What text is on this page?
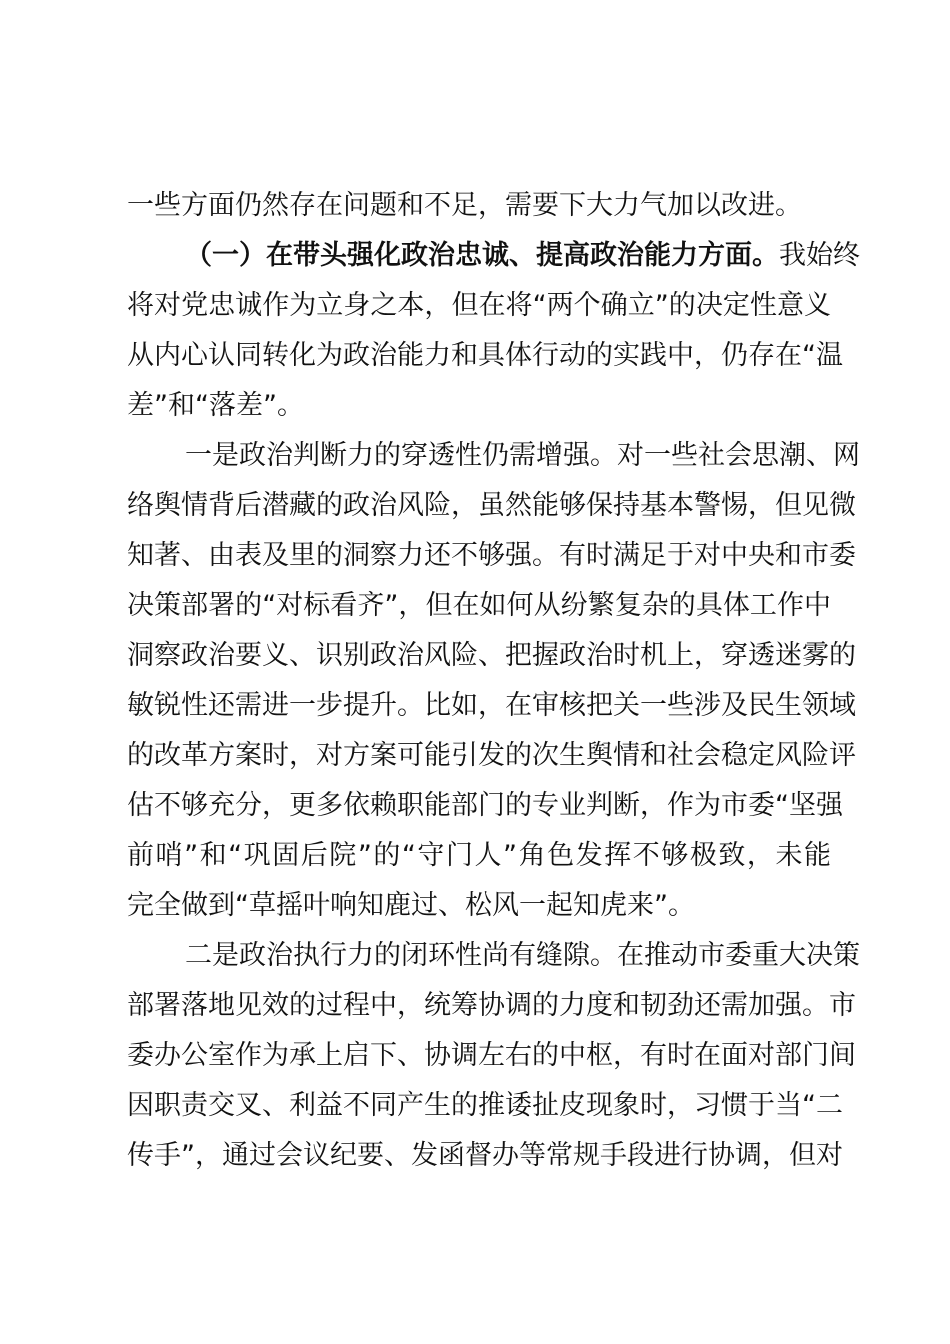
一些方面仍然存在问题和不足，需要下大力气加以改进。
（一）在带头强化政治忠诚、提高政治能力方面。我始终
将对党忠诚作为立身之本，但在将“两个确立”的决定性意义
从内心认同转化为政治能力和具体行动的实践中，仍存在“温
差”和“落差”。
一是政治判断力的穿透性仍需增强。对一些社会思潮、网
络舆情背后潜藏的政治风险，虽然能够保持基本警惕，但见微
知著、由表及里的洞察力还不够强。有时满足于对中央和市委
决策部署的“对标看齐”，但在如何从纷繁复杂的具体工作中
洞察政治要义、识别政治风险、把握政治时机上，穿透迷雾的
敏锐性还需进一步提升。比如，在审核把关一些涉及民生领域
的改革方案时，对方案可能引发的次生舆情和社会稳定风险评
估不够充分，更多依赖职能部门的专业判断，作为市委“坚强
前哨”和“巩固后院”的“守门人”角色发挥不够极致，未能
完全做到“草摇叶响知鹿过、松风一起知虎来”。
二是政治执行力的闭环性尚有缝隙。在推动市委重大决策
部署落地见效的过程中，统筹协调的力度和韧劲还需加强。市
委办公室作为承上启下、协调左右的中枢，有时在面对部门间
因职责交叉、利益不同产生的推诿扯皮现象时，习惯于当“二
传手”，通过会议纪要、发函督办等常规手段进行协调，但对
